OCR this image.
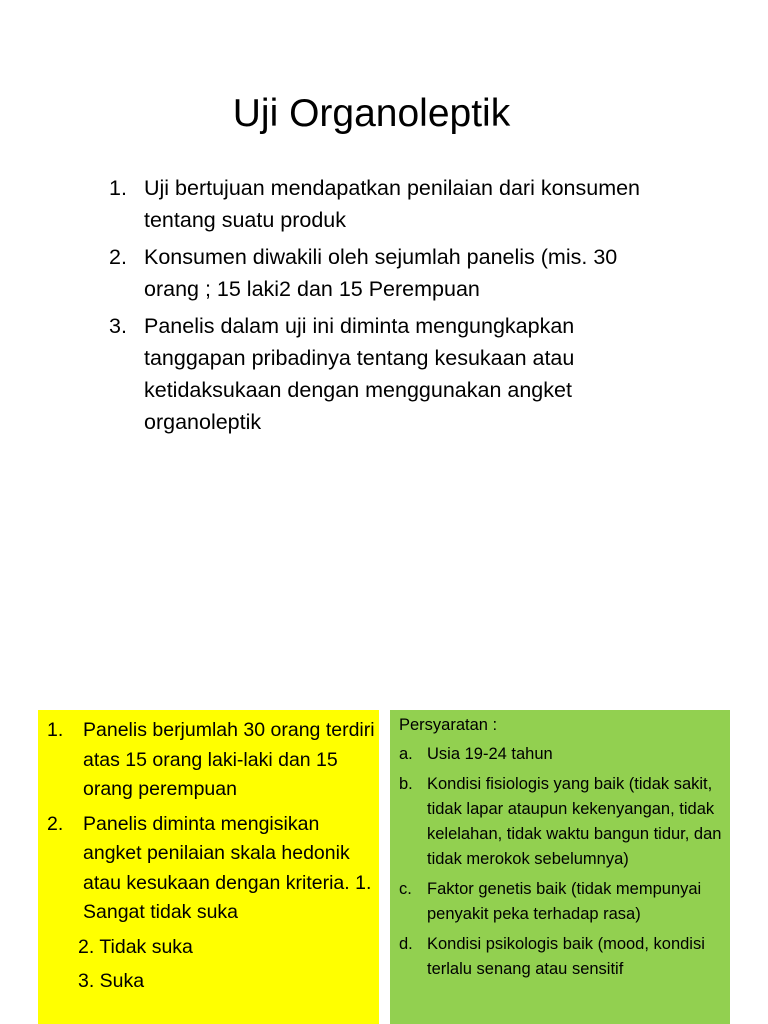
Uji Organoleptik
1. Uji bertujuan mendapatkan penilaian dari konsumen tentang suatu produk
2. Konsumen diwakili oleh sejumlah panelis (mis. 30 orang ; 15 laki2 dan 15 Perempuan
3. Panelis dalam uji ini diminta mengungkapkan tanggapan pribadinya tentang kesukaan atau ketidaksukaan dengan menggunakan angket organoleptik
1. Panelis berjumlah 30 orang terdiri atas 15 orang laki-laki dan 15 orang perempuan
2. Panelis diminta mengisikan angket penilaian skala hedonik atau kesukaan dengan kriteria. 1. Sangat tidak suka
2. Tidak suka
3. Suka

Persyaratan :

a. Usia 19-24 tahun
b. Kondisi fisiologis yang baik (tidak sakit, tidak lapar ataupun kekenyangan, tidak kelelahan, tidak waktu bangun tidur, dan tidak merokok sebelumnya)
c. Faktor genetis baik (tidak mempunyai penyakit peka terhadap rasa)
d. Kondisi psikologis baik (mood, kondisi terlalu senang atau sensitif
